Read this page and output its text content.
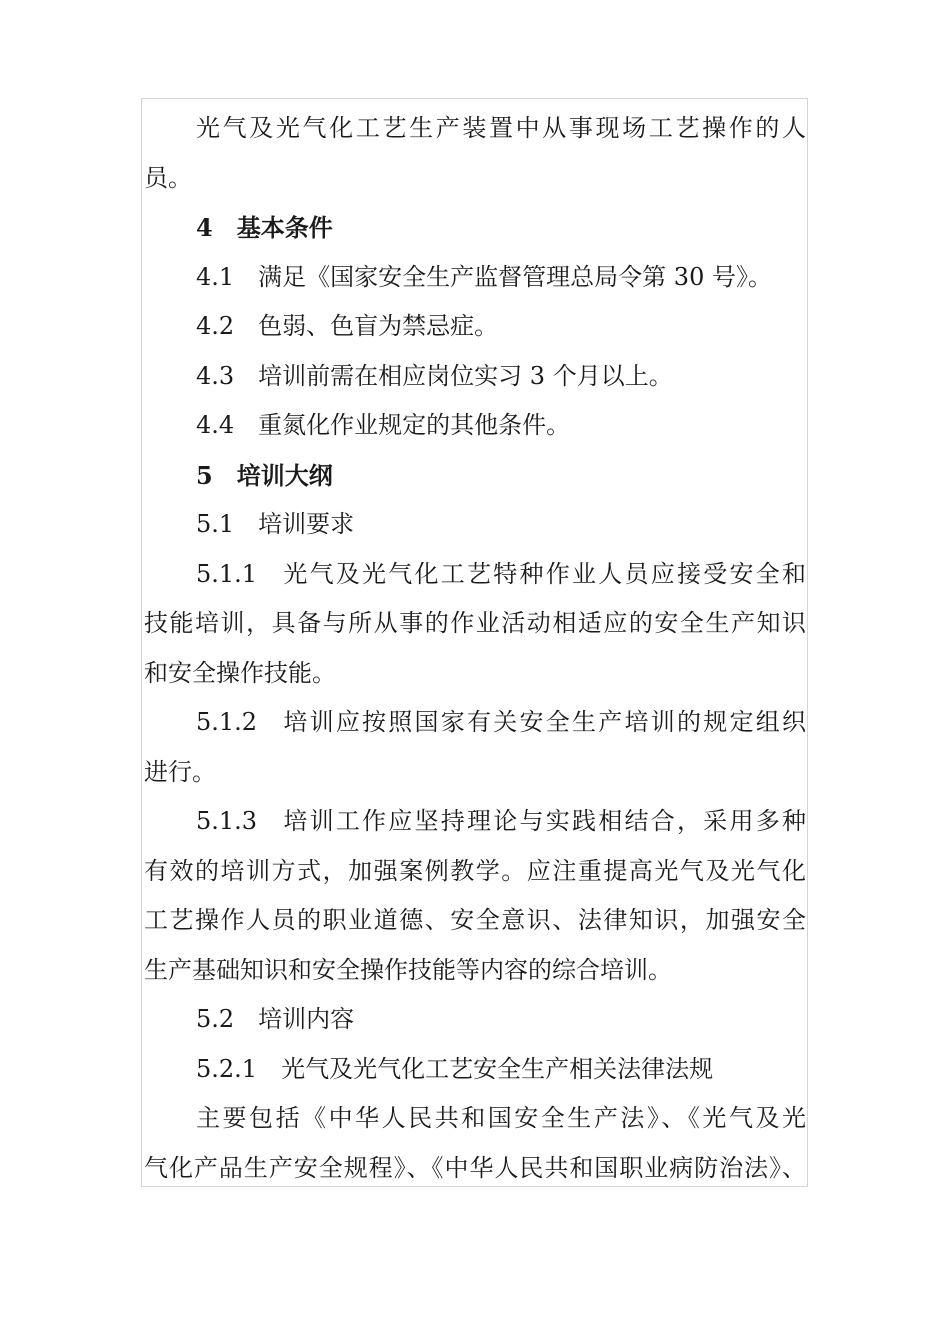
光气及光气化工艺生产装置中从事现场工艺操作的人

员。

4 基本条件

4.1 满足《国家安全生产监督管理总局令第 30 号》。

4.2 色弱、色盲为禁忌症。

4.3 培训前需在相应岗位实习 3 个月以上。

4.4 重氮化作业规定的其他条件。

5 培训大纲

5.1 培训要求

5.1.1 光气及光气化工艺特种作业人员应接受安全和

技能培训，具备与所从事的作业活动相适应的安全生产知识

和安全操作技能。

5.1.2 培训应按照国家有关安全生产培训的规定组织

进行。

5.1.3 培训工作应坚持理论与实践相结合，采用多种

有效的培训方式，加强案例教学。应注重提高光气及光气化

工艺操作人员的职业道德、安全意识、法律知识，加强安全

生产基础知识和安全操作技能等内容的综合培训。

5.2 培训内容

5.2.1 光气及光气化工艺安全生产相关法律法规

主要包括《中华人民共和国安全生产法》、《光气及光

气化产品生产安全规程》、《中华人民共和国职业病防治法》、
